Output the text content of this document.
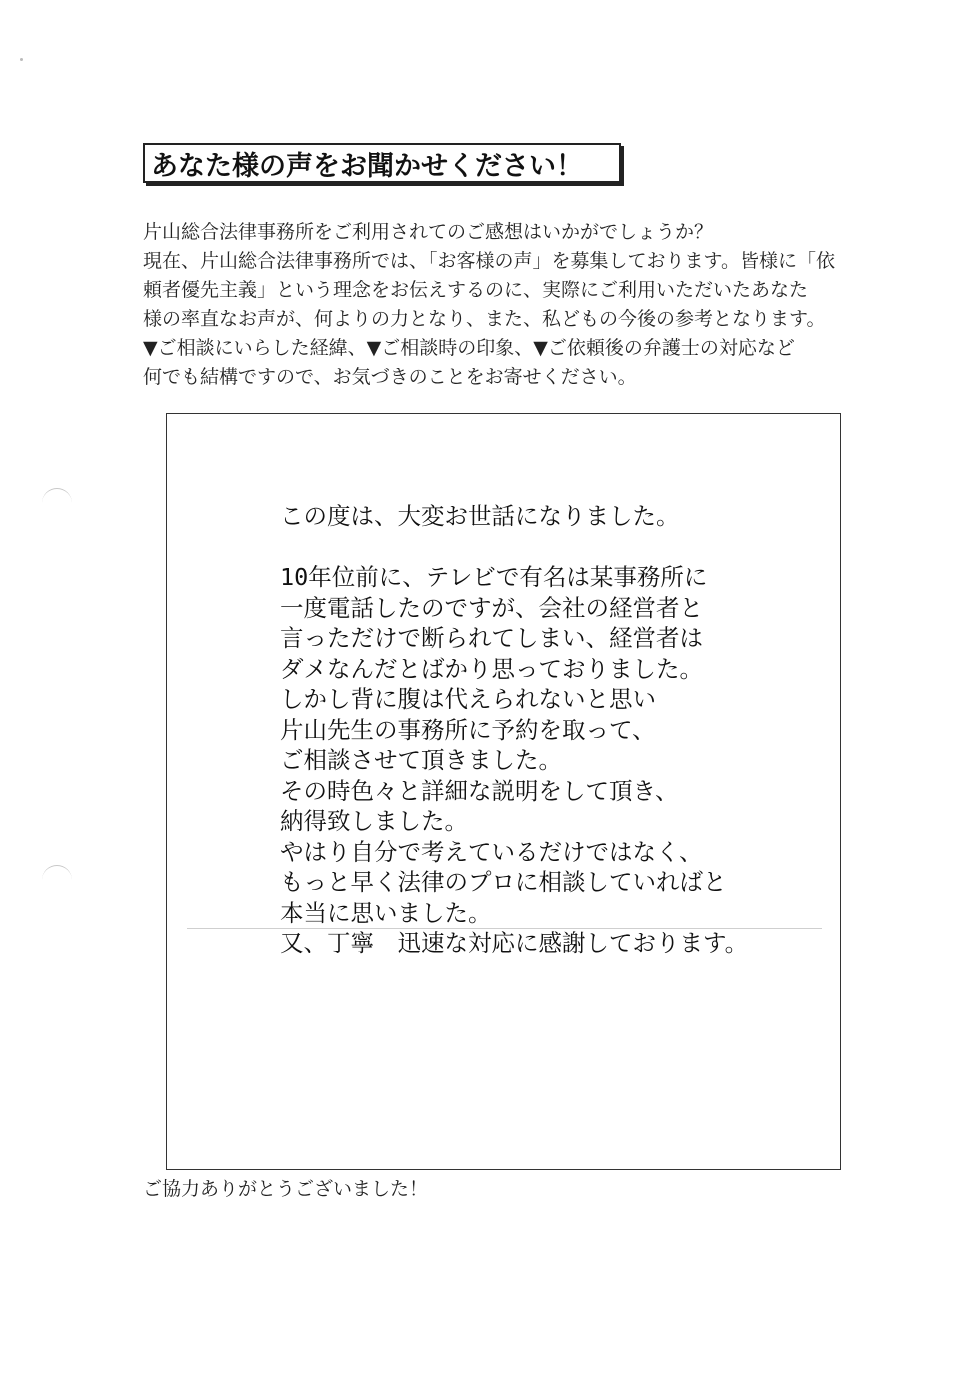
あなた様の声をお聞かせください！

片山総合法律事務所をご利用されてのご感想はいかがでしょうか？

現在、片山総合法律事務所では、「お客様の声」を募集しております。皆様に「依

頼者優先主義」という理念をお伝えするのに、実際にご利用いただいたあなた

様の率直なお声が、何よりの力となり、また、私どもの今後の参考となります。

▼ご相談にいらした経緯、▼ご相談時の印象、▼ご依頼後の弁護士の対応など

何でも結構ですので、お気づきのことをお寄せください。

この度は、大変お世話になりました。

10年位前に、テレビで有名は某事務所に

一度電話したのですが、会社の経営者と

言っただけで断られてしまい、経営者は

ダメなんだとばかり思っておりました。

しかし背に腹は代えられないと思い

片山先生の事務所に予約を取って、

ご相談させて頂きました。

その時色々と詳細な説明をして頂き、

納得致しました。

やはり自分で考えているだけではなく、

もっと早く法律のプロに相談していればと

本当に思いました。

又、丁寧　迅速な対応に感謝しております。

ご協力ありがとうございました！
